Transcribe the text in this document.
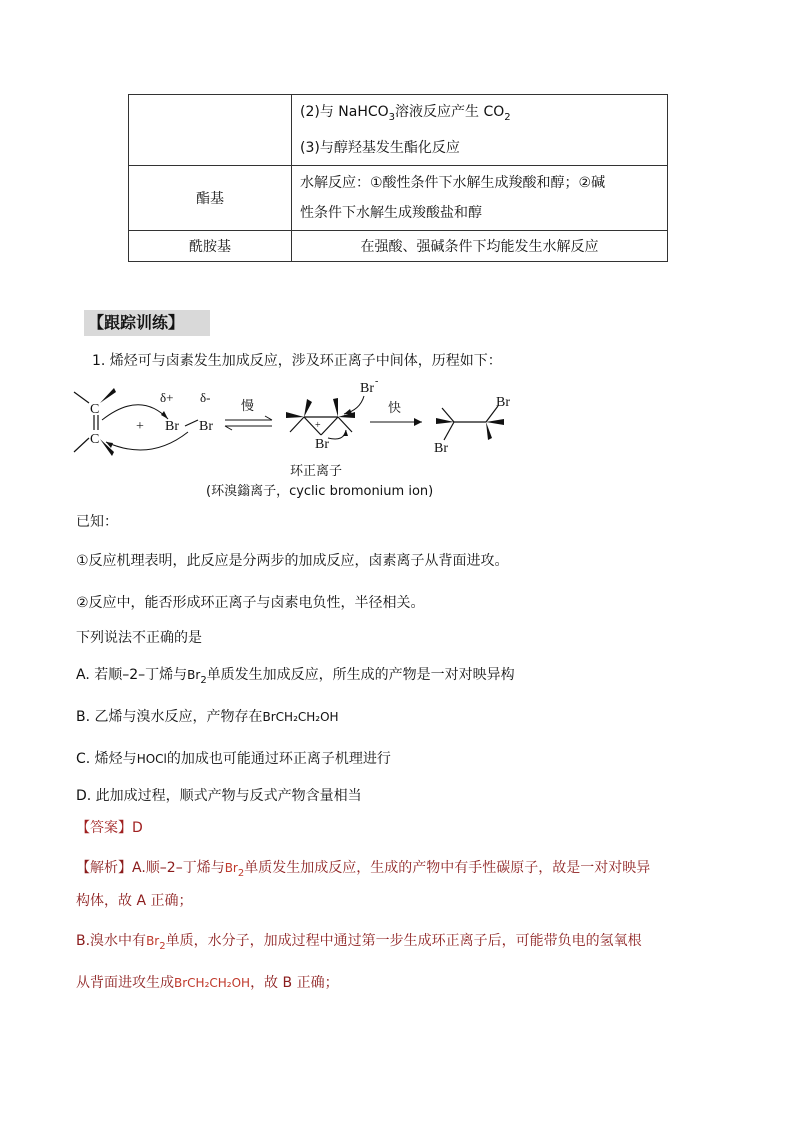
	(2)与 NaHCO$_3$溶液反应产生 $CO_2$
(3)与醇羟基发生酯化反应

酯基	水解反应：①酸性条件下水解生成羧酸和醇；②碱
性条件下水解生成羧酸盐和醇

酰胺基	在强酸、强碱条件下均能发生水解反应
【跟踪训练】
1. 烯烃可与卤素发生加成反应，涉及环正离子中间体，历程如下：
C
C
+
δ+ δ-
Br Br
慢
+
Br
Br -
快	Br
Br
环正离子
(环溴鎓离子，cyclic bromonium ion)
已知：
①反应机理表明，此反应是分两步的加成反应，卤素离子从背面进攻。
②反应中，能否形成环正离子与卤素电负性，半径相关。
下列说法不正确的是
A. 若顺–2–丁烯与$Br_2$单质发生加成反应，所生成的产物是一对对映异构
B. 乙烯与溴水反应，产物存在BrCH₂CH₂OH
C. 烯烃与HOCl的加成也可能通过环正离子机理进行
D. 此加成过程，顺式产物与反式产物含量相当
【答案】D
【解析】A.顺–2–丁烯与$Br_2$单质发生加成反应，生成的产物中有手性碳原子，故是一对对映异
构体，故 A 正确；
B.溴水中有$Br_2$单质，水分子，加成过程中通过第一步生成环正离子后，可能带负电的氢氧根
从背面进攻生成BrCH₂CH₂OH，故 B 正确；
